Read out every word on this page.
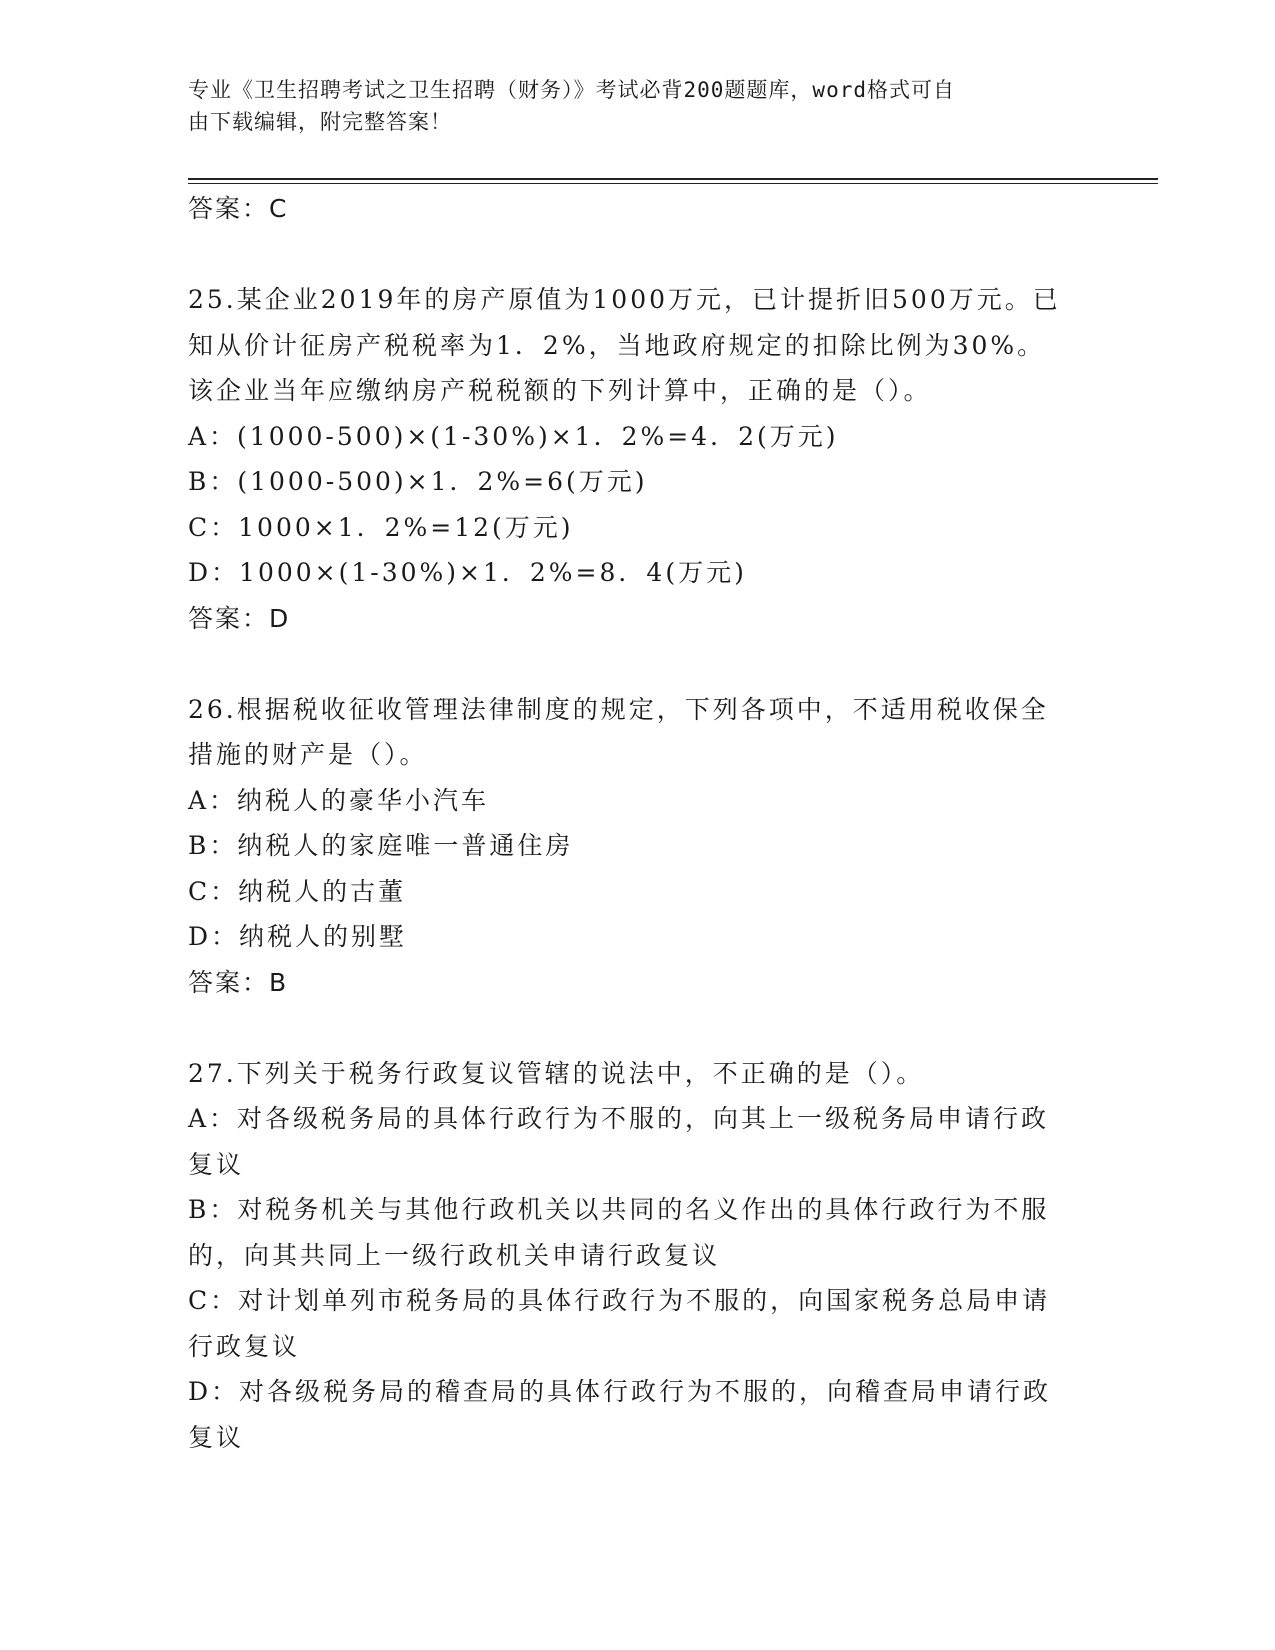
专业《卫生招聘考试之卫生招聘（财务）》考试必背200题题库，word格式可自
由下载编辑，附完整答案！
答案：C
25.某企业2019年的房产原值为1000万元，已计提折旧500万元。已
知从价计征房产税税率为1．2%，当地政府规定的扣除比例为30%。
该企业当年应缴纳房产税税额的下列计算中，正确的是（）。
A：(1000-500)×(1-30%)×1．2%=4．2(万元)
B：(1000-500)×1．2%=6(万元)
C：1000×1．2%=12(万元)
D：1000×(1-30%)×1．2%=8．4(万元)
答案：D
26.根据税收征收管理法律制度的规定，下列各项中，不适用税收保全
措施的财产是（）。
A：纳税人的豪华小汽车
B：纳税人的家庭唯一普通住房
C：纳税人的古董
D：纳税人的别墅
答案：B
27.下列关于税务行政复议管辖的说法中，不正确的是（）。
A：对各级税务局的具体行政行为不服的，向其上一级税务局申请行政
复议
B：对税务机关与其他行政机关以共同的名义作出的具体行政行为不服
的，向其共同上一级行政机关申请行政复议
C：对计划单列市税务局的具体行政行为不服的，向国家税务总局申请
行政复议
D：对各级税务局的稽查局的具体行政行为不服的，向稽查局申请行政
复议
